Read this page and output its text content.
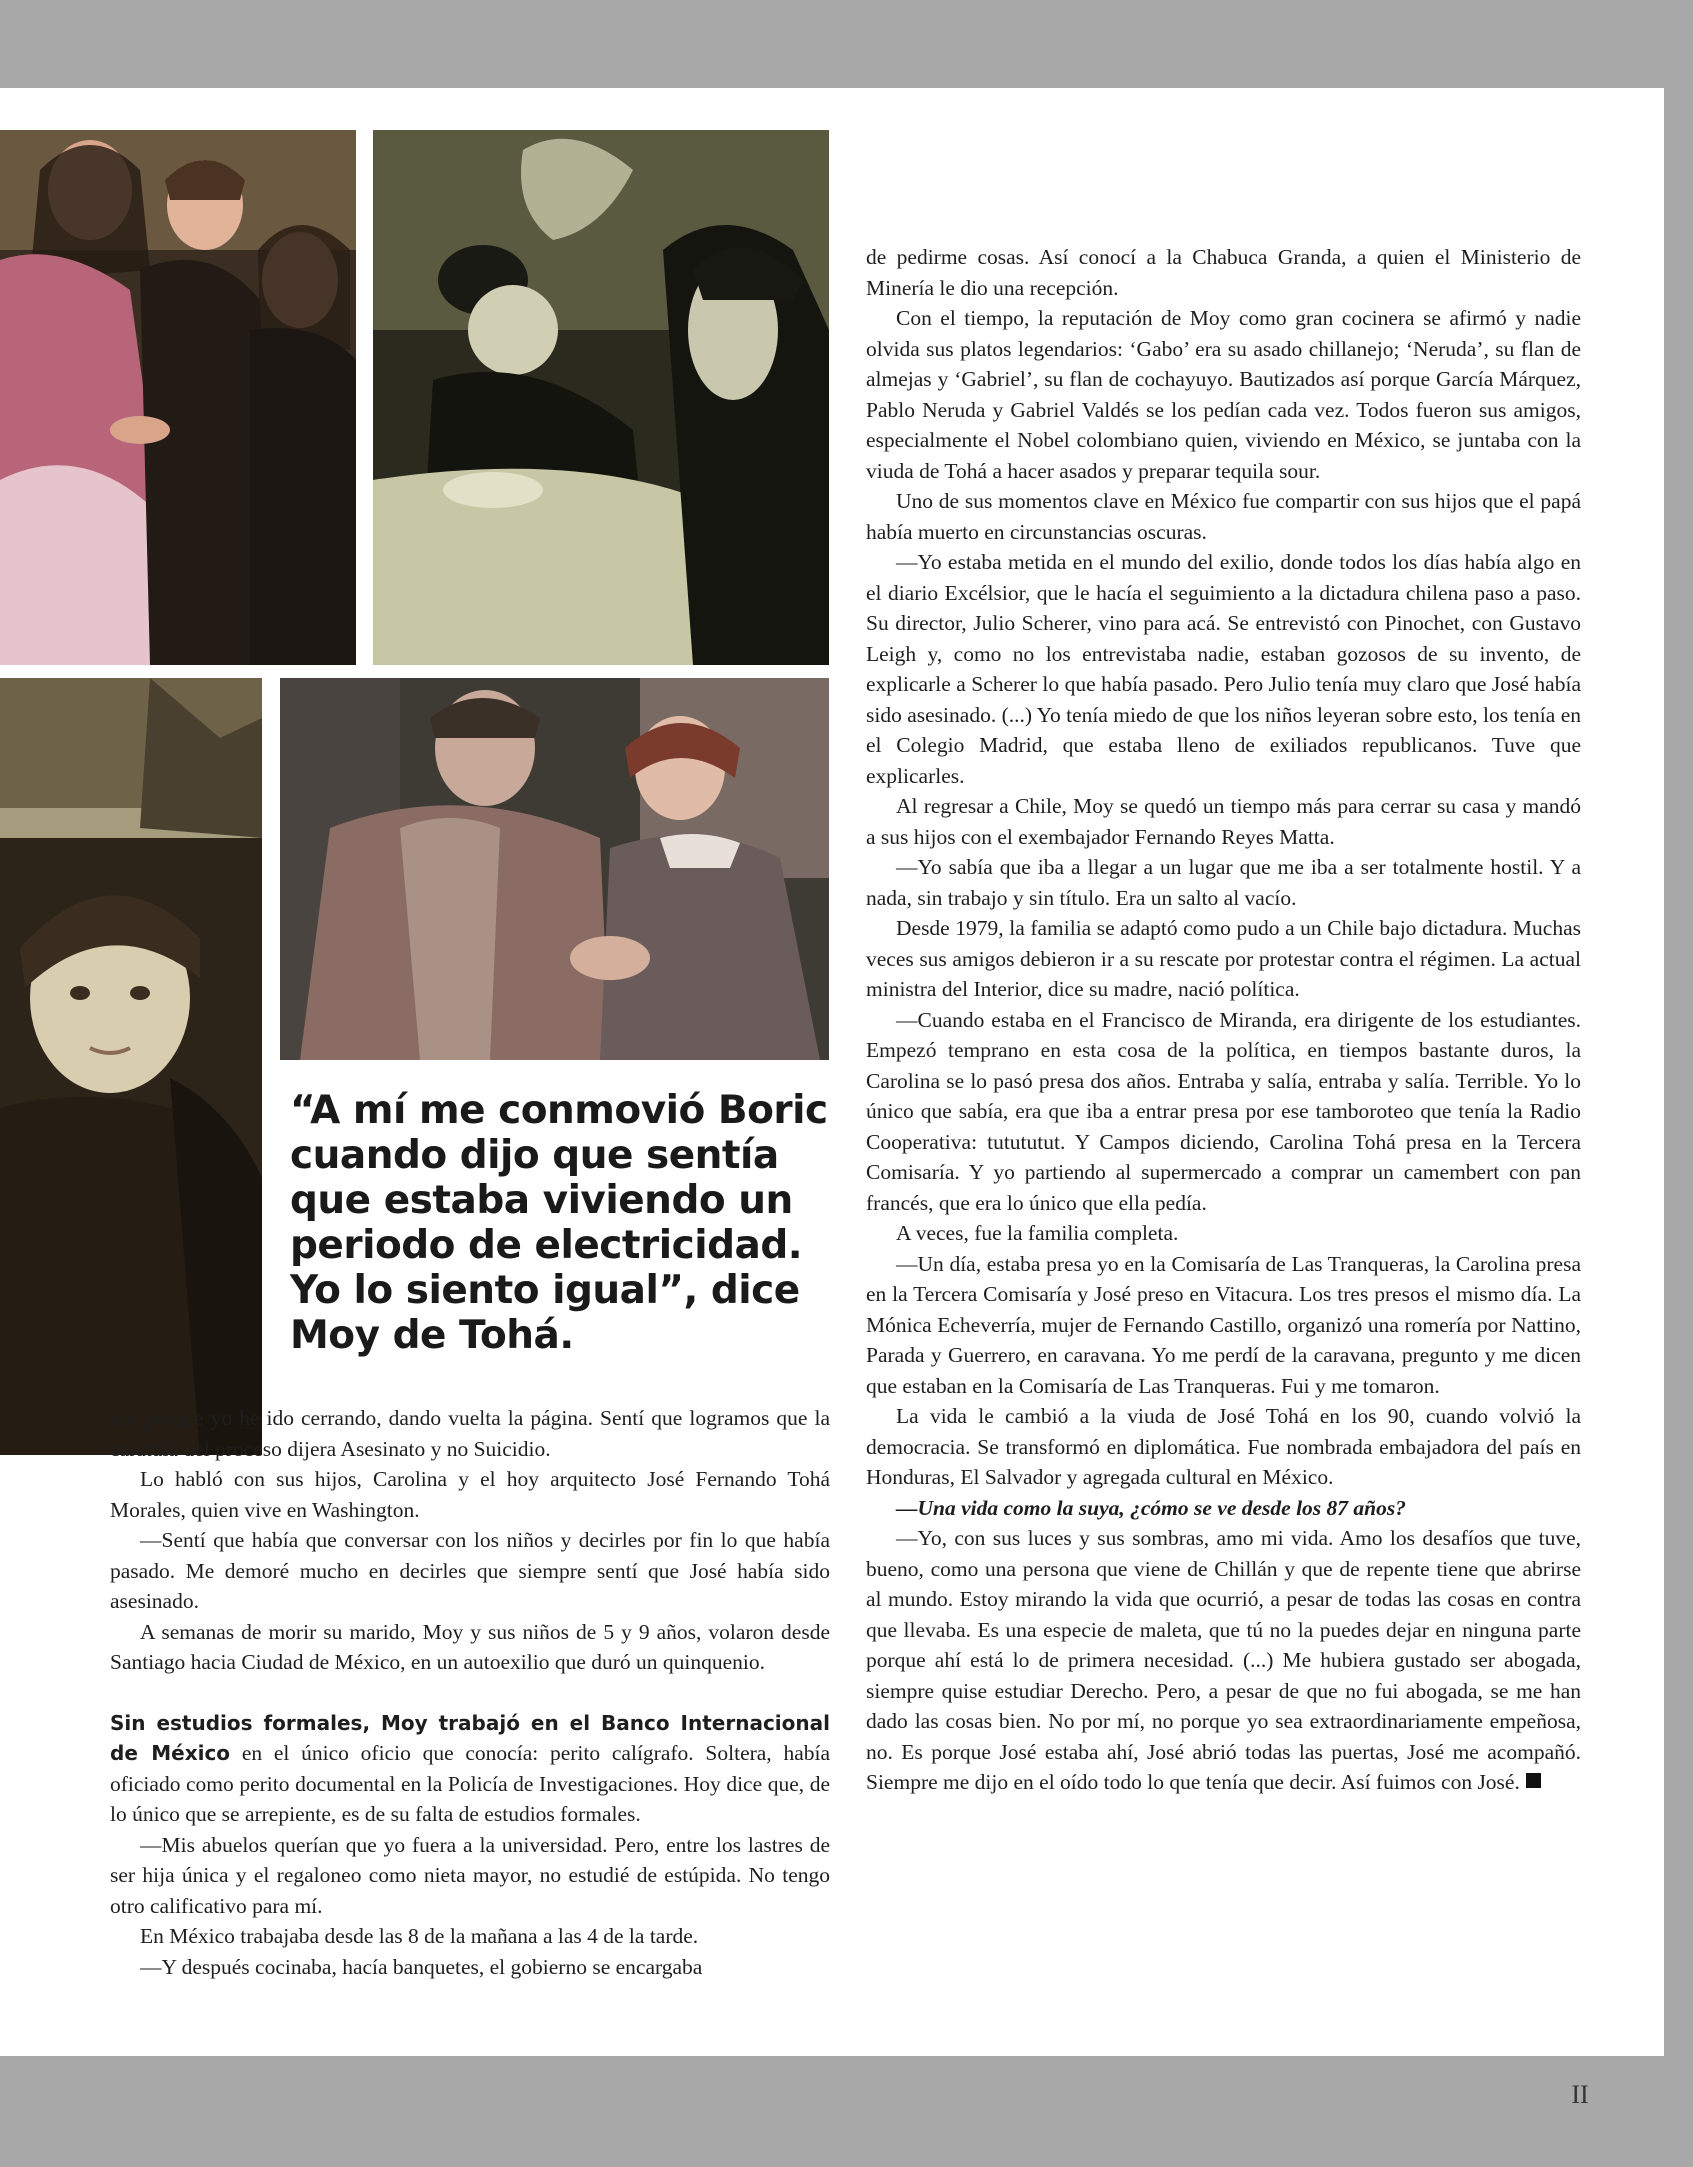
“A mí me conmovió Boric cuando dijo que sentía que estaba viviendo un periodo de electricidad. Yo lo siento igual”, dice Moy de Tohá.

no, porque yo he ido cerrando, dando vuelta la página. Sentí que logramos que la carátula del proceso dijera Asesinato y no Suicidio.

Lo habló con sus hijos, Carolina y el hoy arquitecto José Fernando Tohá Morales, quien vive en Washington.

—Sentí que había que conversar con los niños y decirles por fin lo que había pasado. Me demoré mucho en decirles que siempre sentí que José había sido asesinado.

A semanas de morir su marido, Moy y sus niños de 5 y 9 años, volaron desde Santiago hacia Ciudad de México, en un autoexilio que duró un quinquenio.

Sin estudios formales, Moy trabajó en el Banco Internacional de México en el único oficio que conocía: perito calígrafo. Soltera, había oficiado como perito documental en la Policía de Investigaciones. Hoy dice que, de lo único que se arrepiente, es de su falta de estudios formales.

—Mis abuelos querían que yo fuera a la universidad. Pero, entre los lastres de ser hija única y el regaloneo como nieta mayor, no estudié de estúpida. No tengo otro calificativo para mí.

En México trabajaba desde las 8 de la mañana a las 4 de la tarde.

—Y después cocinaba, hacía banquetes, el gobierno se encargaba

de pedirme cosas. Así conocí a la Chabuca Granda, a quien el Ministerio de Minería le dio una recepción.

Con el tiempo, la reputación de Moy como gran cocinera se afirmó y nadie olvida sus platos legendarios: ‘Gabo’ era su asado chillanejo; ‘Neruda’, su flan de almejas y ‘Gabriel’, su flan de cochayuyo. Bautizados así porque García Márquez, Pablo Neruda y Gabriel Valdés se los pedían cada vez. Todos fueron sus amigos, especialmente el Nobel colombiano quien, viviendo en México, se juntaba con la viuda de Tohá a hacer asados y preparar tequila sour.

Uno de sus momentos clave en México fue compartir con sus hijos que el papá había muerto en circunstancias oscuras.

—Yo estaba metida en el mundo del exilio, donde todos los días había algo en el diario Excélsior, que le hacía el seguimiento a la dictadura chilena paso a paso. Su director, Julio Scherer, vino para acá. Se entrevistó con Pinochet, con Gustavo Leigh y, como no los entrevistaba nadie, estaban gozosos de su invento, de explicarle a Scherer lo que había pasado. Pero Julio tenía muy claro que José había sido asesinado. (...) Yo tenía miedo de que los niños leyeran sobre esto, los tenía en el Colegio Madrid, que estaba lleno de exiliados republicanos. Tuve que explicarles.

Al regresar a Chile, Moy se quedó un tiempo más para cerrar su casa y mandó a sus hijos con el exembajador Fernando Reyes Matta.

—Yo sabía que iba a llegar a un lugar que me iba a ser totalmente hostil. Y a nada, sin trabajo y sin título. Era un salto al vacío.

Desde 1979, la familia se adaptó como pudo a un Chile bajo dictadura. Muchas veces sus amigos debieron ir a su rescate por protestar contra el régimen. La actual ministra del Interior, dice su madre, nació política.

—Cuando estaba en el Francisco de Miranda, era dirigente de los estudiantes. Empezó temprano en esta cosa de la política, en tiempos bastante duros, la Carolina se lo pasó presa dos años. Entraba y salía, entraba y salía. Terrible. Yo lo único que sabía, era que iba a entrar presa por ese tamboroteo que tenía la Radio Cooperativa: tutututut. Y Campos diciendo, Carolina Tohá presa en la Tercera Comisaría. Y yo partiendo al supermercado a comprar un camembert con pan francés, que era lo único que ella pedía.

A veces, fue la familia completa.

—Un día, estaba presa yo en la Comisaría de Las Tranqueras, la Carolina presa en la Tercera Comisaría y José preso en Vitacura. Los tres presos el mismo día. La Mónica Echeverría, mujer de Fernando Castillo, organizó una romería por Nattino, Parada y Guerrero, en caravana. Yo me perdí de la caravana, pregunto y me dicen que estaban en la Comisaría de Las Tranqueras. Fui y me tomaron.

La vida le cambió a la viuda de José Tohá en los 90, cuando volvió la democracia. Se transformó en diplomática. Fue nombrada embajadora del país en Honduras, El Salvador y agregada cultural en México.

—Una vida como la suya, ¿cómo se ve desde los 87 años?

—Yo, con sus luces y sus sombras, amo mi vida. Amo los desafíos que tuve, bueno, como una persona que viene de Chillán y que de repente tiene que abrirse al mundo. Estoy mirando la vida que ocurrió, a pesar de todas las cosas en contra que llevaba. Es una especie de maleta, que tú no la puedes dejar en ninguna parte porque ahí está lo de primera necesidad. (...) Me hubiera gustado ser abogada, siempre quise estudiar Derecho. Pero, a pesar de que no fui abogada, se me han dado las cosas bien. No por mí, no porque yo sea extraordinariamente empeñosa, no. Es porque José estaba ahí, José abrió todas las puertas, José me acompañó. Siempre me dijo en el oído todo lo que tenía que decir. Así fuimos con José.

II
